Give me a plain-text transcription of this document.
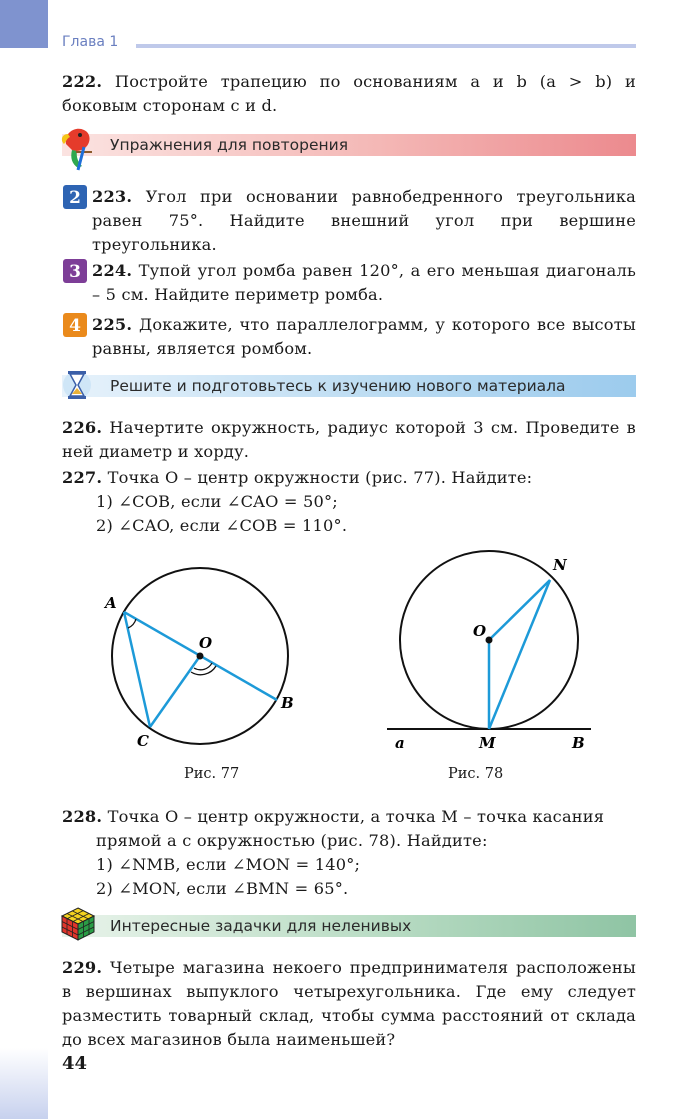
Глава 1
222. Постройте трапецию по основаниям a и b (a > b) и боковым сторонам c и d.
Упражнения для повторения
2 223. Угол при основании равнобедренного треугольника равен 75°. Найдите внешний угол при вершине треугольника.
3 224. Тупой угол ромба равен 120°, а его меньшая диагональ – 5 см. Найдите периметр ромба.
4 225. Докажите, что параллелограмм, у которого все высоты равны, является ромбом.
Решите и подготовьтесь к изучению нового материала
226. Начертите окружность, радиус которой 3 см. Проведите в ней диаметр и хорду.
227. Точка O – центр окружности (рис. 77). Найдите:
1) ∠COB, если ∠CAO = 50°;
2) ∠CAO, если ∠COB = 110°.
A
O
B
C
Рис. 77
N
O
a	M	B
Рис. 78
228. Точка O – центр окружности, а точка M – точка касания
прямой a с окружностью (рис. 78). Найдите:
1) ∠NMB, если ∠MON = 140°;
2) ∠MON, если ∠BMN = 65°.
Интересные задачки для неленивых
229. Четыре магазина некоего предпринимателя расположены в вершинах выпуклого четырехугольника. Где ему следует разместить товарный склад, чтобы сумма расстояний от склада до всех магазинов была наименьшей?
44
